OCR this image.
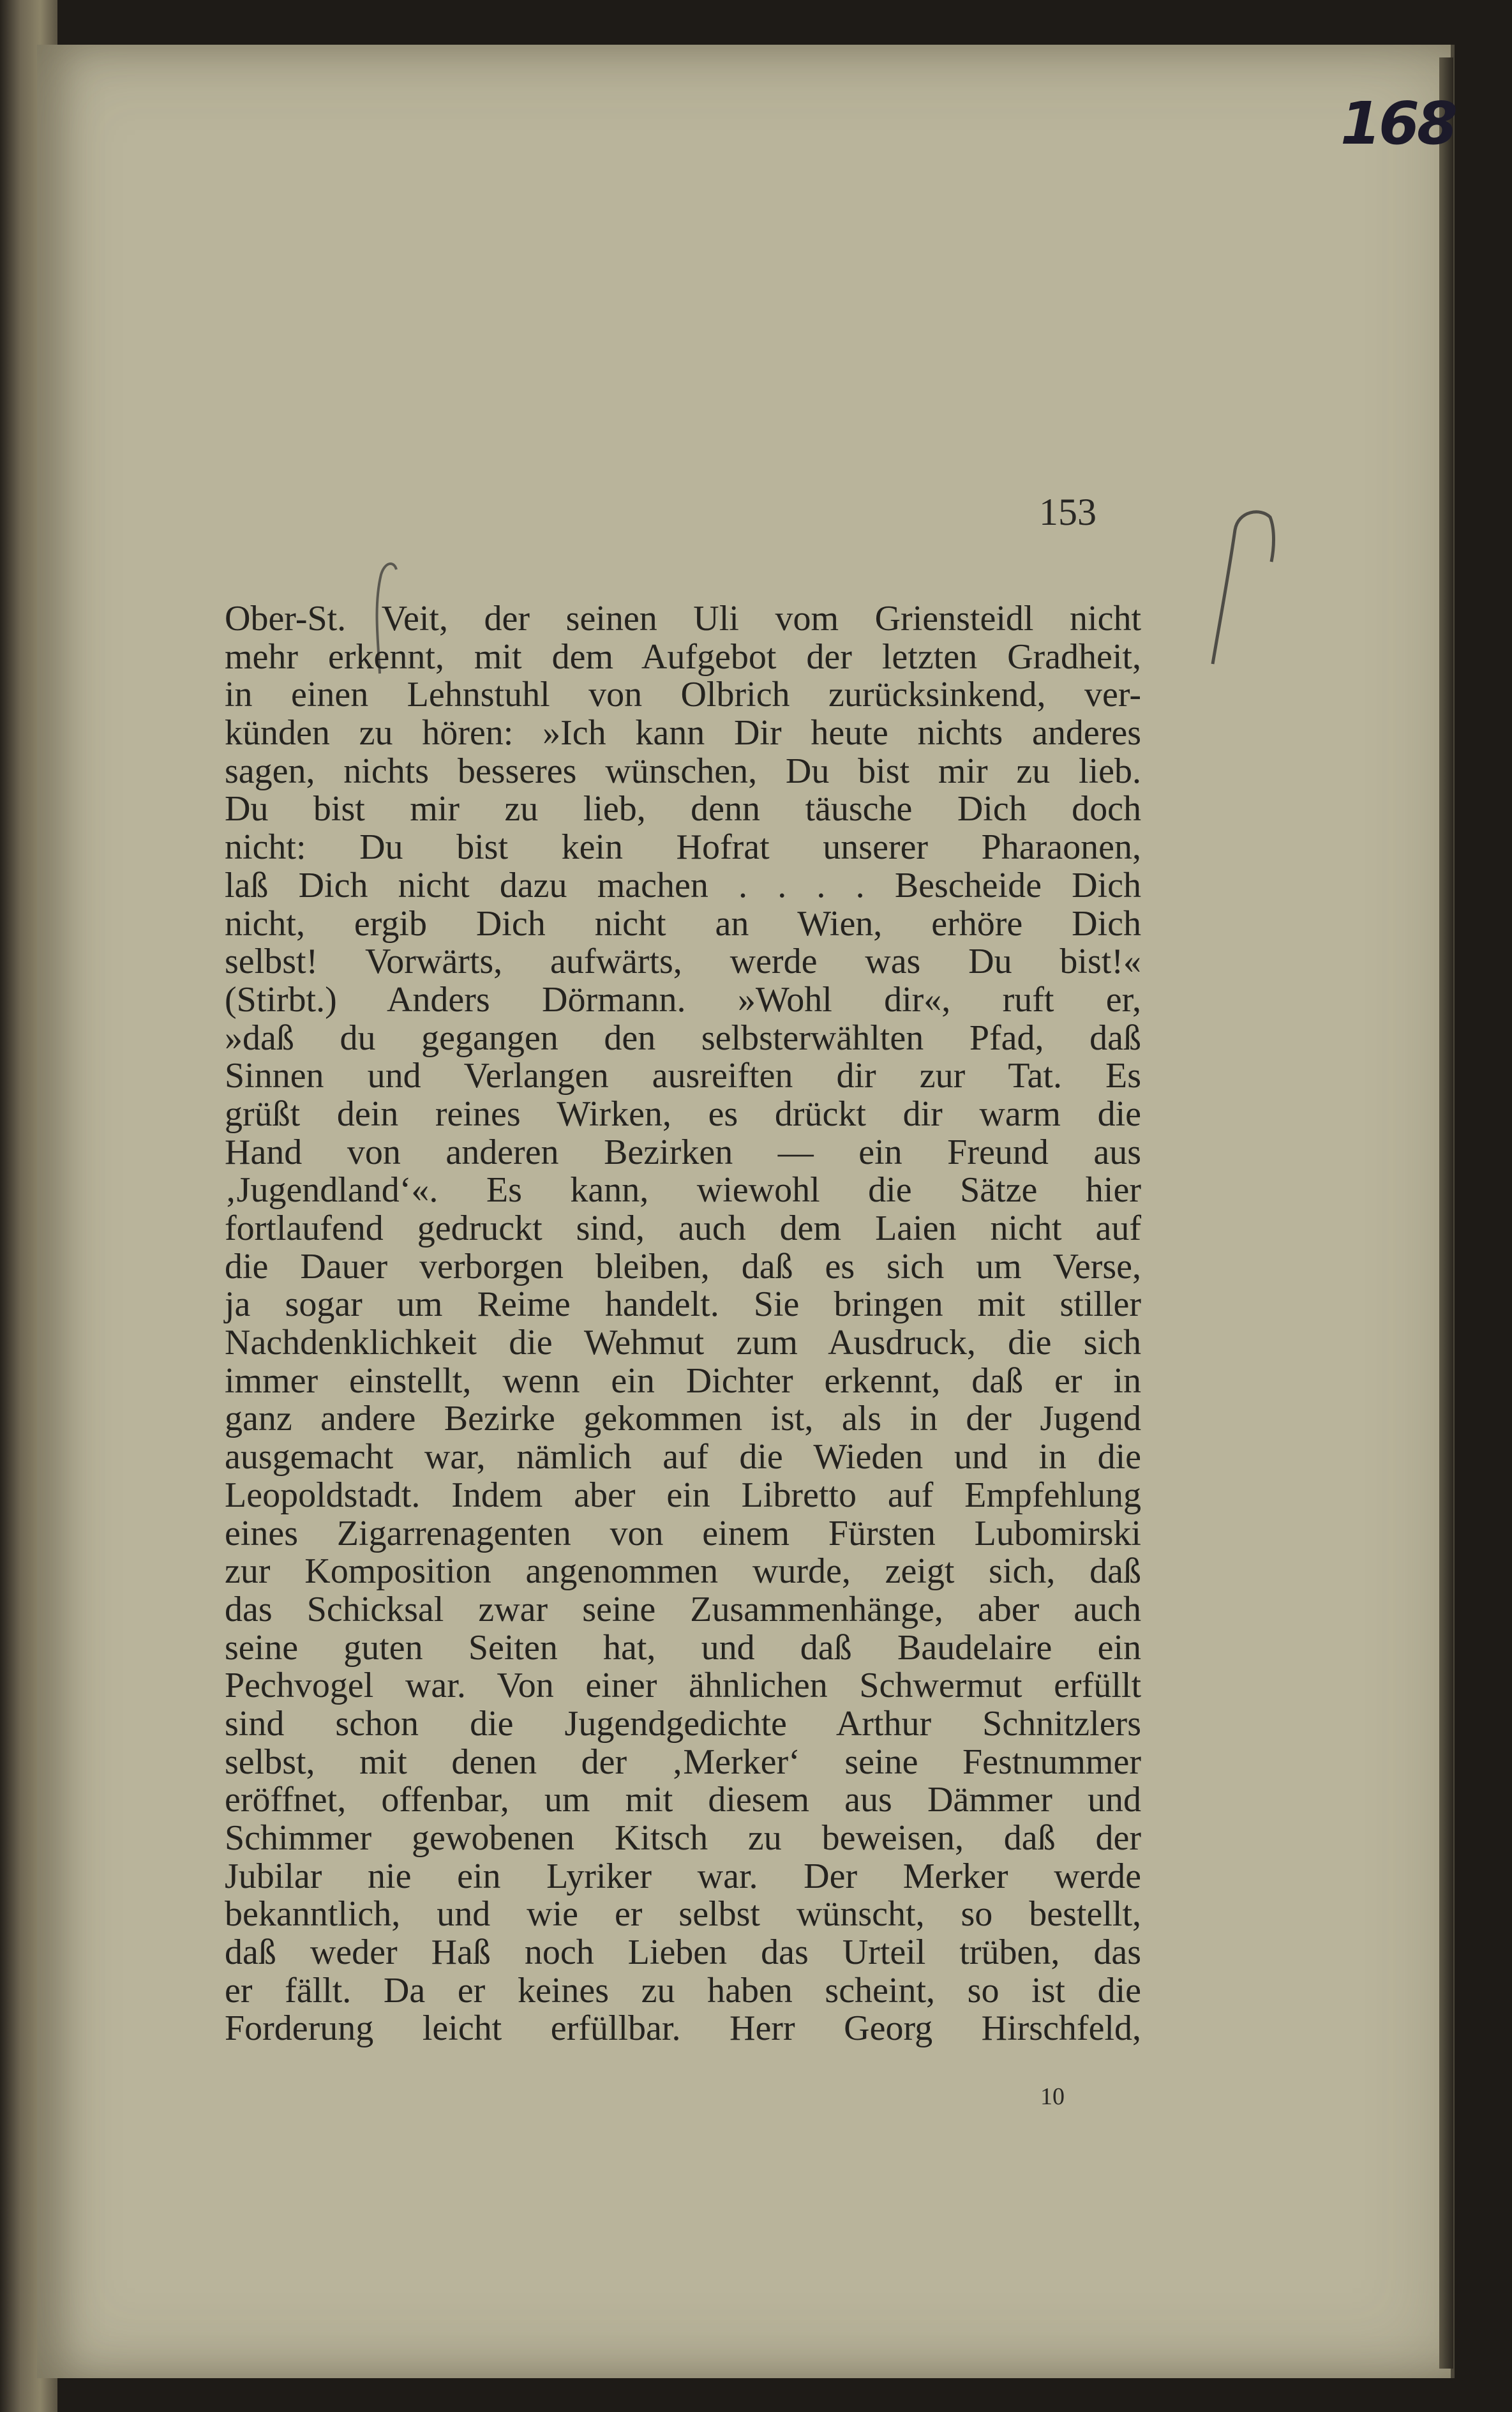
168
153
Ober-St. Veit, der seinen Uli vom Griensteidl nicht
mehr erkennt, mit dem Aufgebot der letzten Gradheit,
in einen Lehnstuhl von Olbrich zurücksinkend, ver-
künden zu hören: »Ich kann Dir heute nichts anderes
sagen, nichts besseres wünschen, Du bist mir zu lieb.
Du bist mir zu lieb, denn täusche Dich doch
nicht: Du bist kein Hofrat unserer Pharaonen,
laß Dich nicht dazu machen . . . . Bescheide Dich
nicht, ergib Dich nicht an Wien, erhöre Dich
selbst! Vorwärts, aufwärts, werde was Du bist!«
(Stirbt.) Anders Dörmann. »Wohl dir«, ruft er,
»daß du gegangen den selbsterwählten Pfad, daß
Sinnen und Verlangen ausreiften dir zur Tat. Es
grüßt dein reines Wirken, es drückt dir warm die
Hand von anderen Bezirken — ein Freund aus
‚Jugendland‘«. Es kann, wiewohl die Sätze hier
fortlaufend gedruckt sind, auch dem Laien nicht auf
die Dauer verborgen bleiben, daß es sich um Verse,
ja sogar um Reime handelt. Sie bringen mit stiller
Nachdenklichkeit die Wehmut zum Ausdruck, die sich
immer einstellt, wenn ein Dichter erkennt, daß er in
ganz andere Bezirke gekommen ist, als in der Jugend
ausgemacht war, nämlich auf die Wieden und in die
Leopoldstadt. Indem aber ein Libretto auf Empfehlung
eines Zigarrenagenten von einem Fürsten Lubomirski
zur Komposition angenommen wurde, zeigt sich, daß
das Schicksal zwar seine Zusammenhänge, aber auch
seine guten Seiten hat, und daß Baudelaire ein
Pechvogel war. Von einer ähnlichen Schwermut erfüllt
sind schon die Jugendgedichte Arthur Schnitzlers
selbst, mit denen der ‚Merker‘ seine Festnummer
eröffnet, offenbar, um mit diesem aus Dämmer und
Schimmer gewobenen Kitsch zu beweisen, daß der
Jubilar nie ein Lyriker war. Der Merker werde
bekanntlich, und wie er selbst wünscht, so bestellt,
daß weder Haß noch Lieben das Urteil trüben, das
er fällt. Da er keines zu haben scheint, so ist die
Forderung leicht erfüllbar. Herr Georg Hirschfeld,
10
